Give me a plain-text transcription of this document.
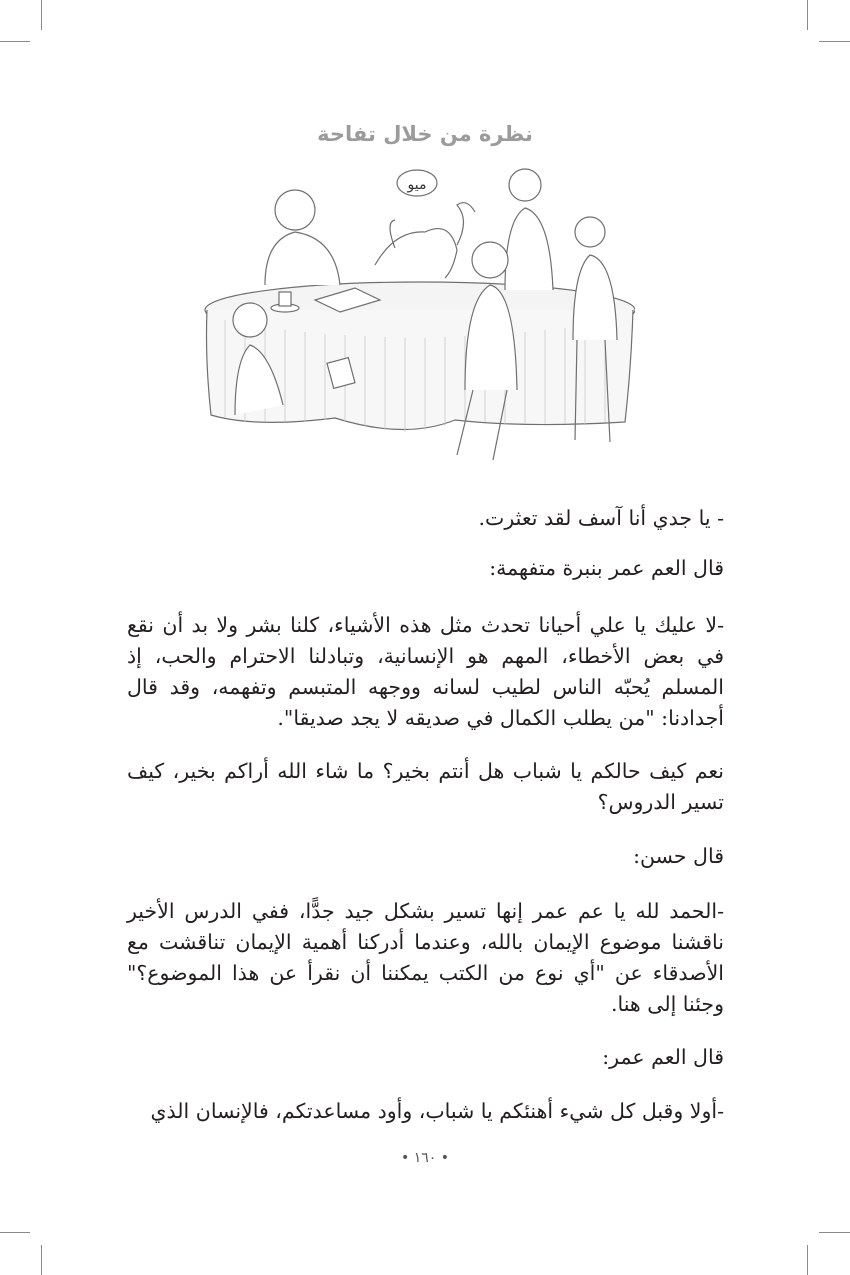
نظرة من خلال تفاحة
ميو

- يا جدي أنا آسف لقد تعثرت.

قال العم عمر بنبرة متفهمة:

-لا عليك يا علي أحيانا تحدث مثل هذه الأشياء، كلنا بشر ولا بد أن نقع في بعض الأخطاء، المهم هو الإنسانية، وتبادلنا الاحترام والحب، إذ المسلم يُحبّه الناس لطيب لسانه ووجهه المتبسم وتفهمه، وقد قال أجدادنا: "من يطلب الكمال في صديقه لا يجد صديقا".

نعم كيف حالكم يا شباب هل أنتم بخير؟ ما شاء الله أراكم بخير، كيف تسير الدروس؟

قال حسن:

-الحمد لله يا عم عمر إنها تسير بشكل جيد جدًّا، ففي الدرس الأخير ناقشنا موضوع الإيمان بالله، وعندما أدركنا أهمية الإيمان تناقشت مع الأصدقاء عن "أي نوع من الكتب يمكننا أن نقرأ عن هذا الموضوع؟" وجئنا إلى هنا.

قال العم عمر:

-أولا وقبل كل شيء أهنئكم يا شباب، وأود مساعدتكم، فالإنسان الذي

• ١٦٠ •
